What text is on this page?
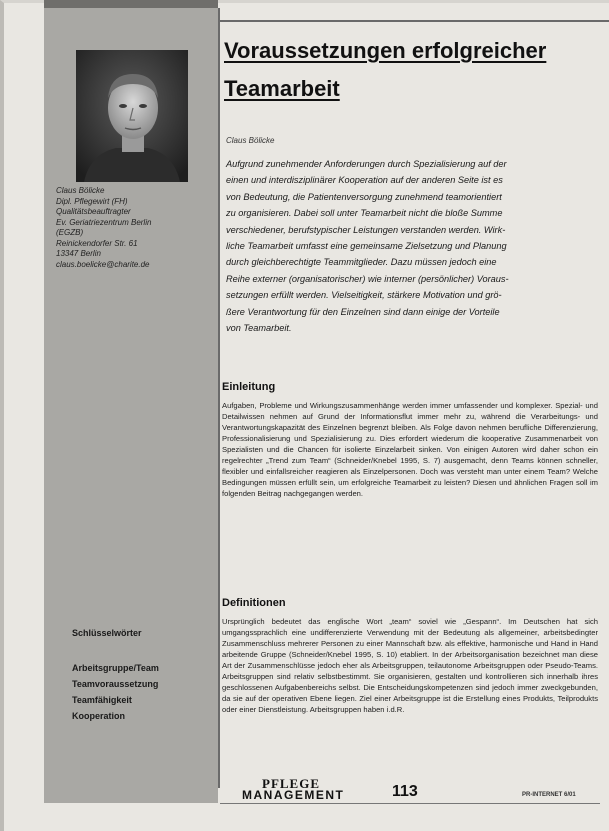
Claus Bölicke
Dipl. Pflegewirt (FH)
Qualitätsbeauftragter
Ev. Geriatriezentrum Berlin
(EGZB)
Reinickendorfer Str. 61
13347 Berlin
claus.boelicke@charite.de
Schlüsselwörter
Arbeitsgruppe/Team
Teamvoraussetzung
Teamfähigkeit
Kooperation
Voraussetzungen erfolgreicher
Teamarbeit
Claus Bölicke
Aufgrund zunehmender Anforderungen durch Spezialisierung auf der
einen und interdisziplinärer Kooperation auf der anderen Seite ist es
von Bedeutung, die Patientenversorgung zunehmend teamorientiert
zu organisieren. Dabei soll unter Teamarbeit nicht die bloße Summe
verschiedener, berufstypischer Leistungen verstanden werden. Wirk-
liche Teamarbeit umfasst eine gemeinsame Zielsetzung und Planung
durch gleichberechtigte Teammitglieder. Dazu müssen jedoch eine
Reihe externer (organisatorischer) wie interner (persönlicher) Voraus-
setzungen erfüllt werden. Vielseitigkeit, stärkere Motivation und grö-
ßere Verantwortung für den Einzelnen sind dann einige der Vorteile
von Teamarbeit.
Einleitung
Aufgaben, Probleme und Wirkungszusammenhänge werden immer umfassender und komplexer. Spezial- und Detailwissen nehmen auf Grund der Informationsflut immer mehr zu, während die Verarbeitungs- und Verantwortungskapazität des Einzelnen begrenzt bleiben. Als Folge davon nehmen berufliche Differenzierung, Professionalisierung und Spezialisierung zu. Dies erfordert wiederum die kooperative Zusammenarbeit von Spezialisten und die Chancen für isolierte Einzelarbeit sinken. Von einigen Autoren wird daher schon ein regelrechter „Trend zum Team“ (Schneider/Knebel 1995, S. 7) ausgemacht, denn Teams können schneller, flexibler und einfallsreicher reagieren als Einzelpersonen. Doch was versteht man unter einem Team? Welche Bedingungen müssen erfüllt sein, um erfolgreiche Teamarbeit zu leisten? Diesen und ähnlichen Fragen soll im folgenden Beitrag nachgegangen werden.
Definitionen
Ursprünglich bedeutet das englische Wort „team“ soviel wie „Gespann“. Im Deutschen hat sich umgangssprachlich eine undifferenzierte Verwendung mit der Bedeutung als allgemeiner, arbeitsbedingter Zusammenschluss mehrerer Personen zu einer Mannschaft bzw. als effektive, harmonische und Hand in Hand arbeitende Gruppe (Schneider/Knebel 1995, S. 10) etabliert. In der Arbeitsorganisation bezeichnet man diese Art der Zusammenschlüsse jedoch eher als Arbeitsgruppen, teilautonome Arbeitsgruppen oder Pseudo-Teams. Arbeitsgruppen sind relativ selbstbestimmt. Sie organisieren, gestalten und kontrollieren sich innerhalb ihres geschlossenen Aufgabenbereichs selbst. Die Entscheidungskompetenzen sind jedoch immer zweckgebunden, da sie auf der operativen Ebene liegen. Ziel einer Arbeitsgruppe ist die Erstellung eines Produkts, Teilprodukts oder einer Dienstleistung. Arbeitsgruppen haben i.d.R.
PFLEGE
MANAGEMENT	113	PR-INTERNET 6/01
